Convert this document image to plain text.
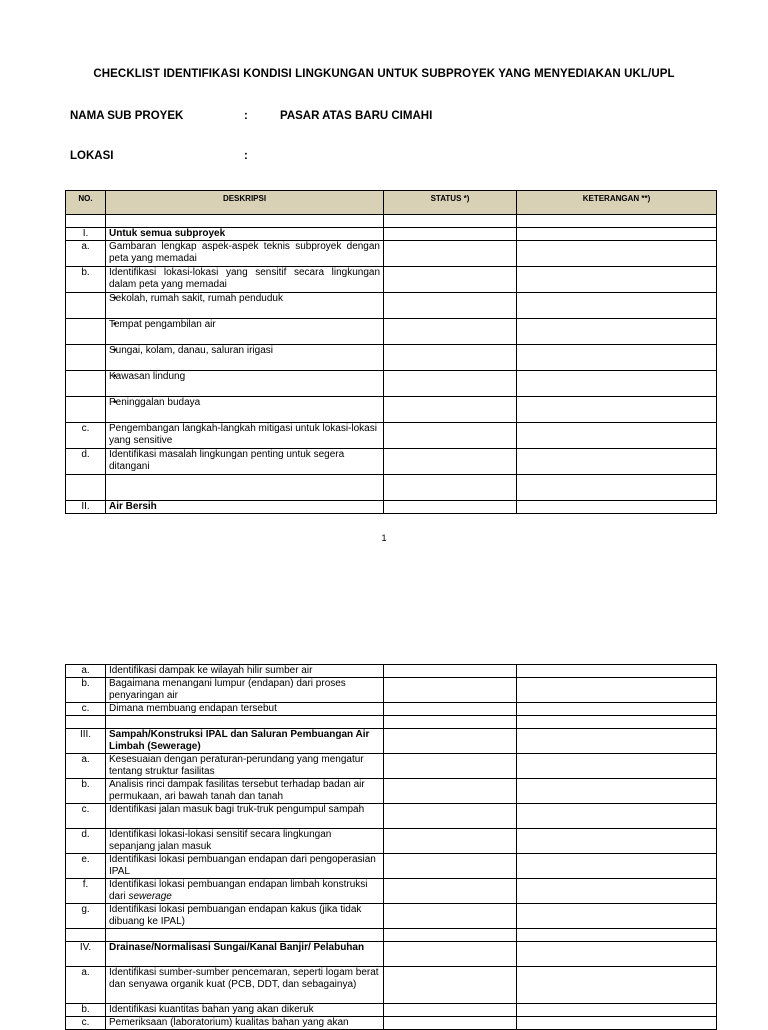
CHECKLIST IDENTIFIKASI KONDISI LINGKUNGAN UNTUK SUBPROYEK YANG MENYEDIAKAN UKL/UPL
NAMA SUB PROYEK	:	PASAR ATAS BARU CIMAHI
LOKASI	:
NO.	DESKRIPSI	STATUS *)	KETERANGAN **)

I.	Untuk semua subproyek		
a.	Gambaran lengkap aspek-aspek teknis subproyek dengan peta yang memadai		
b.	Identifikasi lokasi-lokasi yang sensitif secara lingkungan dalam peta yang memadai		
	• Sekolah, rumah sakit, rumah penduduk		
	• Tempat pengambilan air		
	• Sungai, kolam, danau, saluran irigasi		
	• Kawasan lindung		
	• Peninggalan budaya		
c.	Pengembangan langkah-langkah mitigasi untuk lokasi-lokasi yang sensitive		
d.	Identifikasi masalah lingkungan penting untuk segera ditangani		

II.	Air Bersih		
1
a.	Identifikasi dampak ke wilayah hilir sumber air		
b.	Bagaimana menangani lumpur (endapan) dari proses penyaringan air		
c.	Dimana membuang endapan tersebut		

III.	Sampah/Konstruksi IPAL dan Saluran Pembuangan Air Limbah (Sewerage)		
a.	Kesesuaian dengan peraturan-perundang yang mengatur tentang struktur fasilitas		
b.	Analisis rinci dampak fasilitas tersebut terhadap badan air permukaan, ari bawah tanah dan tanah		
c.	Identifikasi jalan masuk bagi truk-truk pengumpul sampah		
d.	Identifikasi lokasi-lokasi sensitif secara lingkungan sepanjang jalan masuk		
e.	Identifikasi lokasi pembuangan endapan dari pengoperasian IPAL		
f.	Identifikasi lokasi pembuangan endapan limbah konstruksi dari sewerage		
g.	Identifikasi lokasi pembuangan endapan kakus (jika tidak dibuang ke IPAL)		

IV.	Drainase/Normalisasi Sungai/Kanal Banjir/ Pelabuhan		
a.	Identifikasi sumber-sumber pencemaran, seperti logam berat dan senyawa organik kuat (PCB, DDT, dan sebagainya)		
b.	Identifikasi kuantitas bahan yang akan dikeruk		
c.	Pemeriksaan (laboratorium) kualitas bahan yang akan		
